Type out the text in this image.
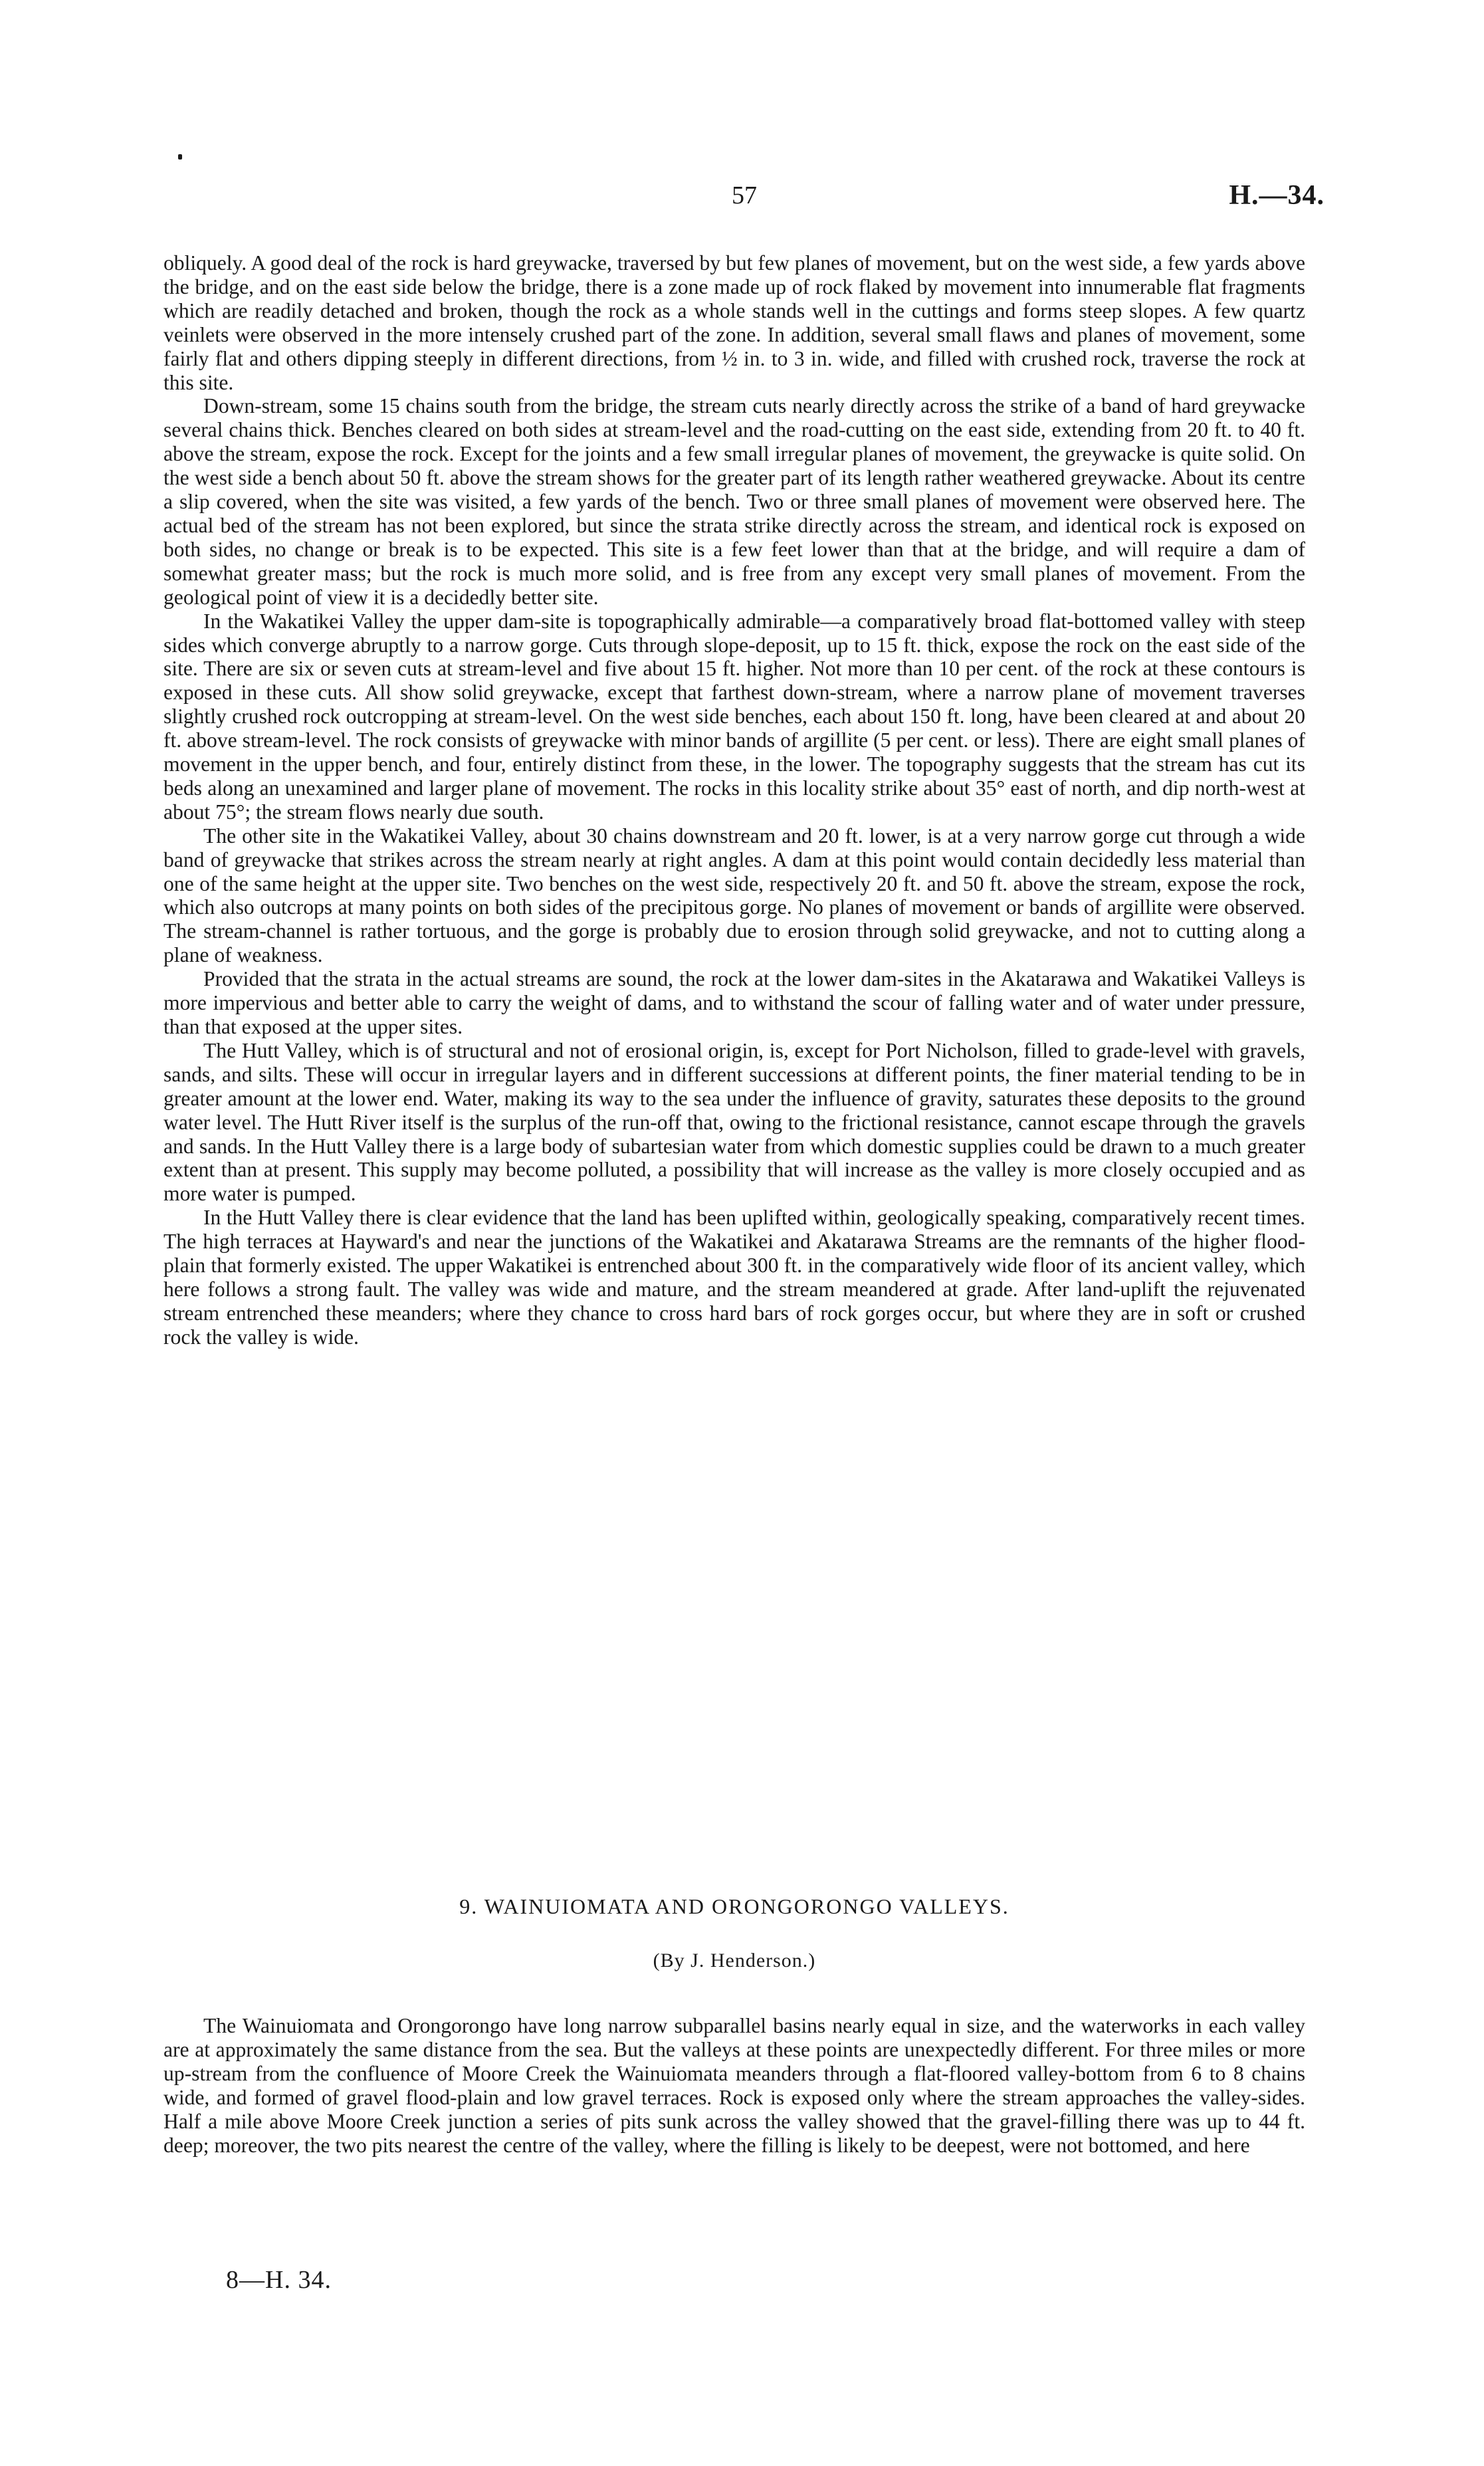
57	H.—34.

obliquely. A good deal of the rock is hard greywacke, traversed by but few planes of movement, but on the west side, a few yards above the bridge, and on the east side below the bridge, there is a zone made up of rock flaked by movement into innumerable flat fragments which are readily detached and broken, though the rock as a whole stands well in the cuttings and forms steep slopes. A few quartz veinlets were observed in the more intensely crushed part of the zone. In addition, several small flaws and planes of movement, some fairly flat and others dipping steeply in different directions, from ½ in. to 3 in. wide, and filled with crushed rock, traverse the rock at this site.

Down-stream, some 15 chains south from the bridge, the stream cuts nearly directly across the strike of a band of hard greywacke several chains thick. Benches cleared on both sides at stream-level and the road-cutting on the east side, extending from 20 ft. to 40 ft. above the stream, expose the rock. Except for the joints and a few small irregular planes of movement, the greywacke is quite solid. On the west side a bench about 50 ft. above the stream shows for the greater part of its length rather weathered greywacke. About its centre a slip covered, when the site was visited, a few yards of the bench. Two or three small planes of movement were observed here. The actual bed of the stream has not been explored, but since the strata strike directly across the stream, and identical rock is exposed on both sides, no change or break is to be expected. This site is a few feet lower than that at the bridge, and will require a dam of somewhat greater mass; but the rock is much more solid, and is free from any except very small planes of movement. From the geological point of view it is a decidedly better site.

In the Wakatikei Valley the upper dam-site is topographically admirable—a comparatively broad flat-bottomed valley with steep sides which converge abruptly to a narrow gorge. Cuts through slope-deposit, up to 15 ft. thick, expose the rock on the east side of the site. There are six or seven cuts at stream-level and five about 15 ft. higher. Not more than 10 per cent. of the rock at these contours is exposed in these cuts. All show solid greywacke, except that farthest down-stream, where a narrow plane of movement traverses slightly crushed rock outcropping at stream-level. On the west side benches, each about 150 ft. long, have been cleared at and about 20 ft. above stream-level. The rock consists of greywacke with minor bands of argillite (5 per cent. or less). There are eight small planes of movement in the upper bench, and four, entirely distinct from these, in the lower. The topography suggests that the stream has cut its beds along an unexamined and larger plane of movement. The rocks in this locality strike about 35° east of north, and dip north-west at about 75°; the stream flows nearly due south.

The other site in the Wakatikei Valley, about 30 chains downstream and 20 ft. lower, is at a very narrow gorge cut through a wide band of greywacke that strikes across the stream nearly at right angles. A dam at this point would contain decidedly less material than one of the same height at the upper site. Two benches on the west side, respectively 20 ft. and 50 ft. above the stream, expose the rock, which also outcrops at many points on both sides of the precipitous gorge. No planes of movement or bands of argillite were observed. The stream-channel is rather tortuous, and the gorge is probably due to erosion through solid greywacke, and not to cutting along a plane of weakness.

Provided that the strata in the actual streams are sound, the rock at the lower dam-sites in the Akatarawa and Wakatikei Valleys is more impervious and better able to carry the weight of dams, and to withstand the scour of falling water and of water under pressure, than that exposed at the upper sites.

The Hutt Valley, which is of structural and not of erosional origin, is, except for Port Nicholson, filled to grade-level with gravels, sands, and silts. These will occur in irregular layers and in different successions at different points, the finer material tending to be in greater amount at the lower end. Water, making its way to the sea under the influence of gravity, saturates these deposits to the ground water level. The Hutt River itself is the surplus of the run-off that, owing to the frictional resistance, cannot escape through the gravels and sands. In the Hutt Valley there is a large body of subartesian water from which domestic supplies could be drawn to a much greater extent than at present. This supply may become polluted, a possibility that will increase as the valley is more closely occupied and as more water is pumped.

In the Hutt Valley there is clear evidence that the land has been uplifted within, geologically speaking, comparatively recent times. The high terraces at Hayward's and near the junctions of the Wakatikei and Akatarawa Streams are the remnants of the higher flood-plain that formerly existed. The upper Wakatikei is entrenched about 300 ft. in the comparatively wide floor of its ancient valley, which here follows a strong fault. The valley was wide and mature, and the stream meandered at grade. After land-uplift the rejuvenated stream entrenched these meanders; where they chance to cross hard bars of rock gorges occur, but where they are in soft or crushed rock the valley is wide.

9. WAINUIOMATA AND ORONGORONGO VALLEYS.
(By J. Henderson.)

The Wainuiomata and Orongorongo have long narrow subparallel basins nearly equal in size, and the waterworks in each valley are at approximately the same distance from the sea. But the valleys at these points are unexpectedly different. For three miles or more up-stream from the confluence of Moore Creek the Wainuiomata meanders through a flat-floored valley-bottom from 6 to 8 chains wide, and formed of gravel flood-plain and low gravel terraces. Rock is exposed only where the stream approaches the valley-sides. Half a mile above Moore Creek junction a series of pits sunk across the valley showed that the gravel-filling there was up to 44 ft. deep; moreover, the two pits nearest the centre of the valley, where the filling is likely to be deepest, were not bottomed, and here

8—H. 34.
